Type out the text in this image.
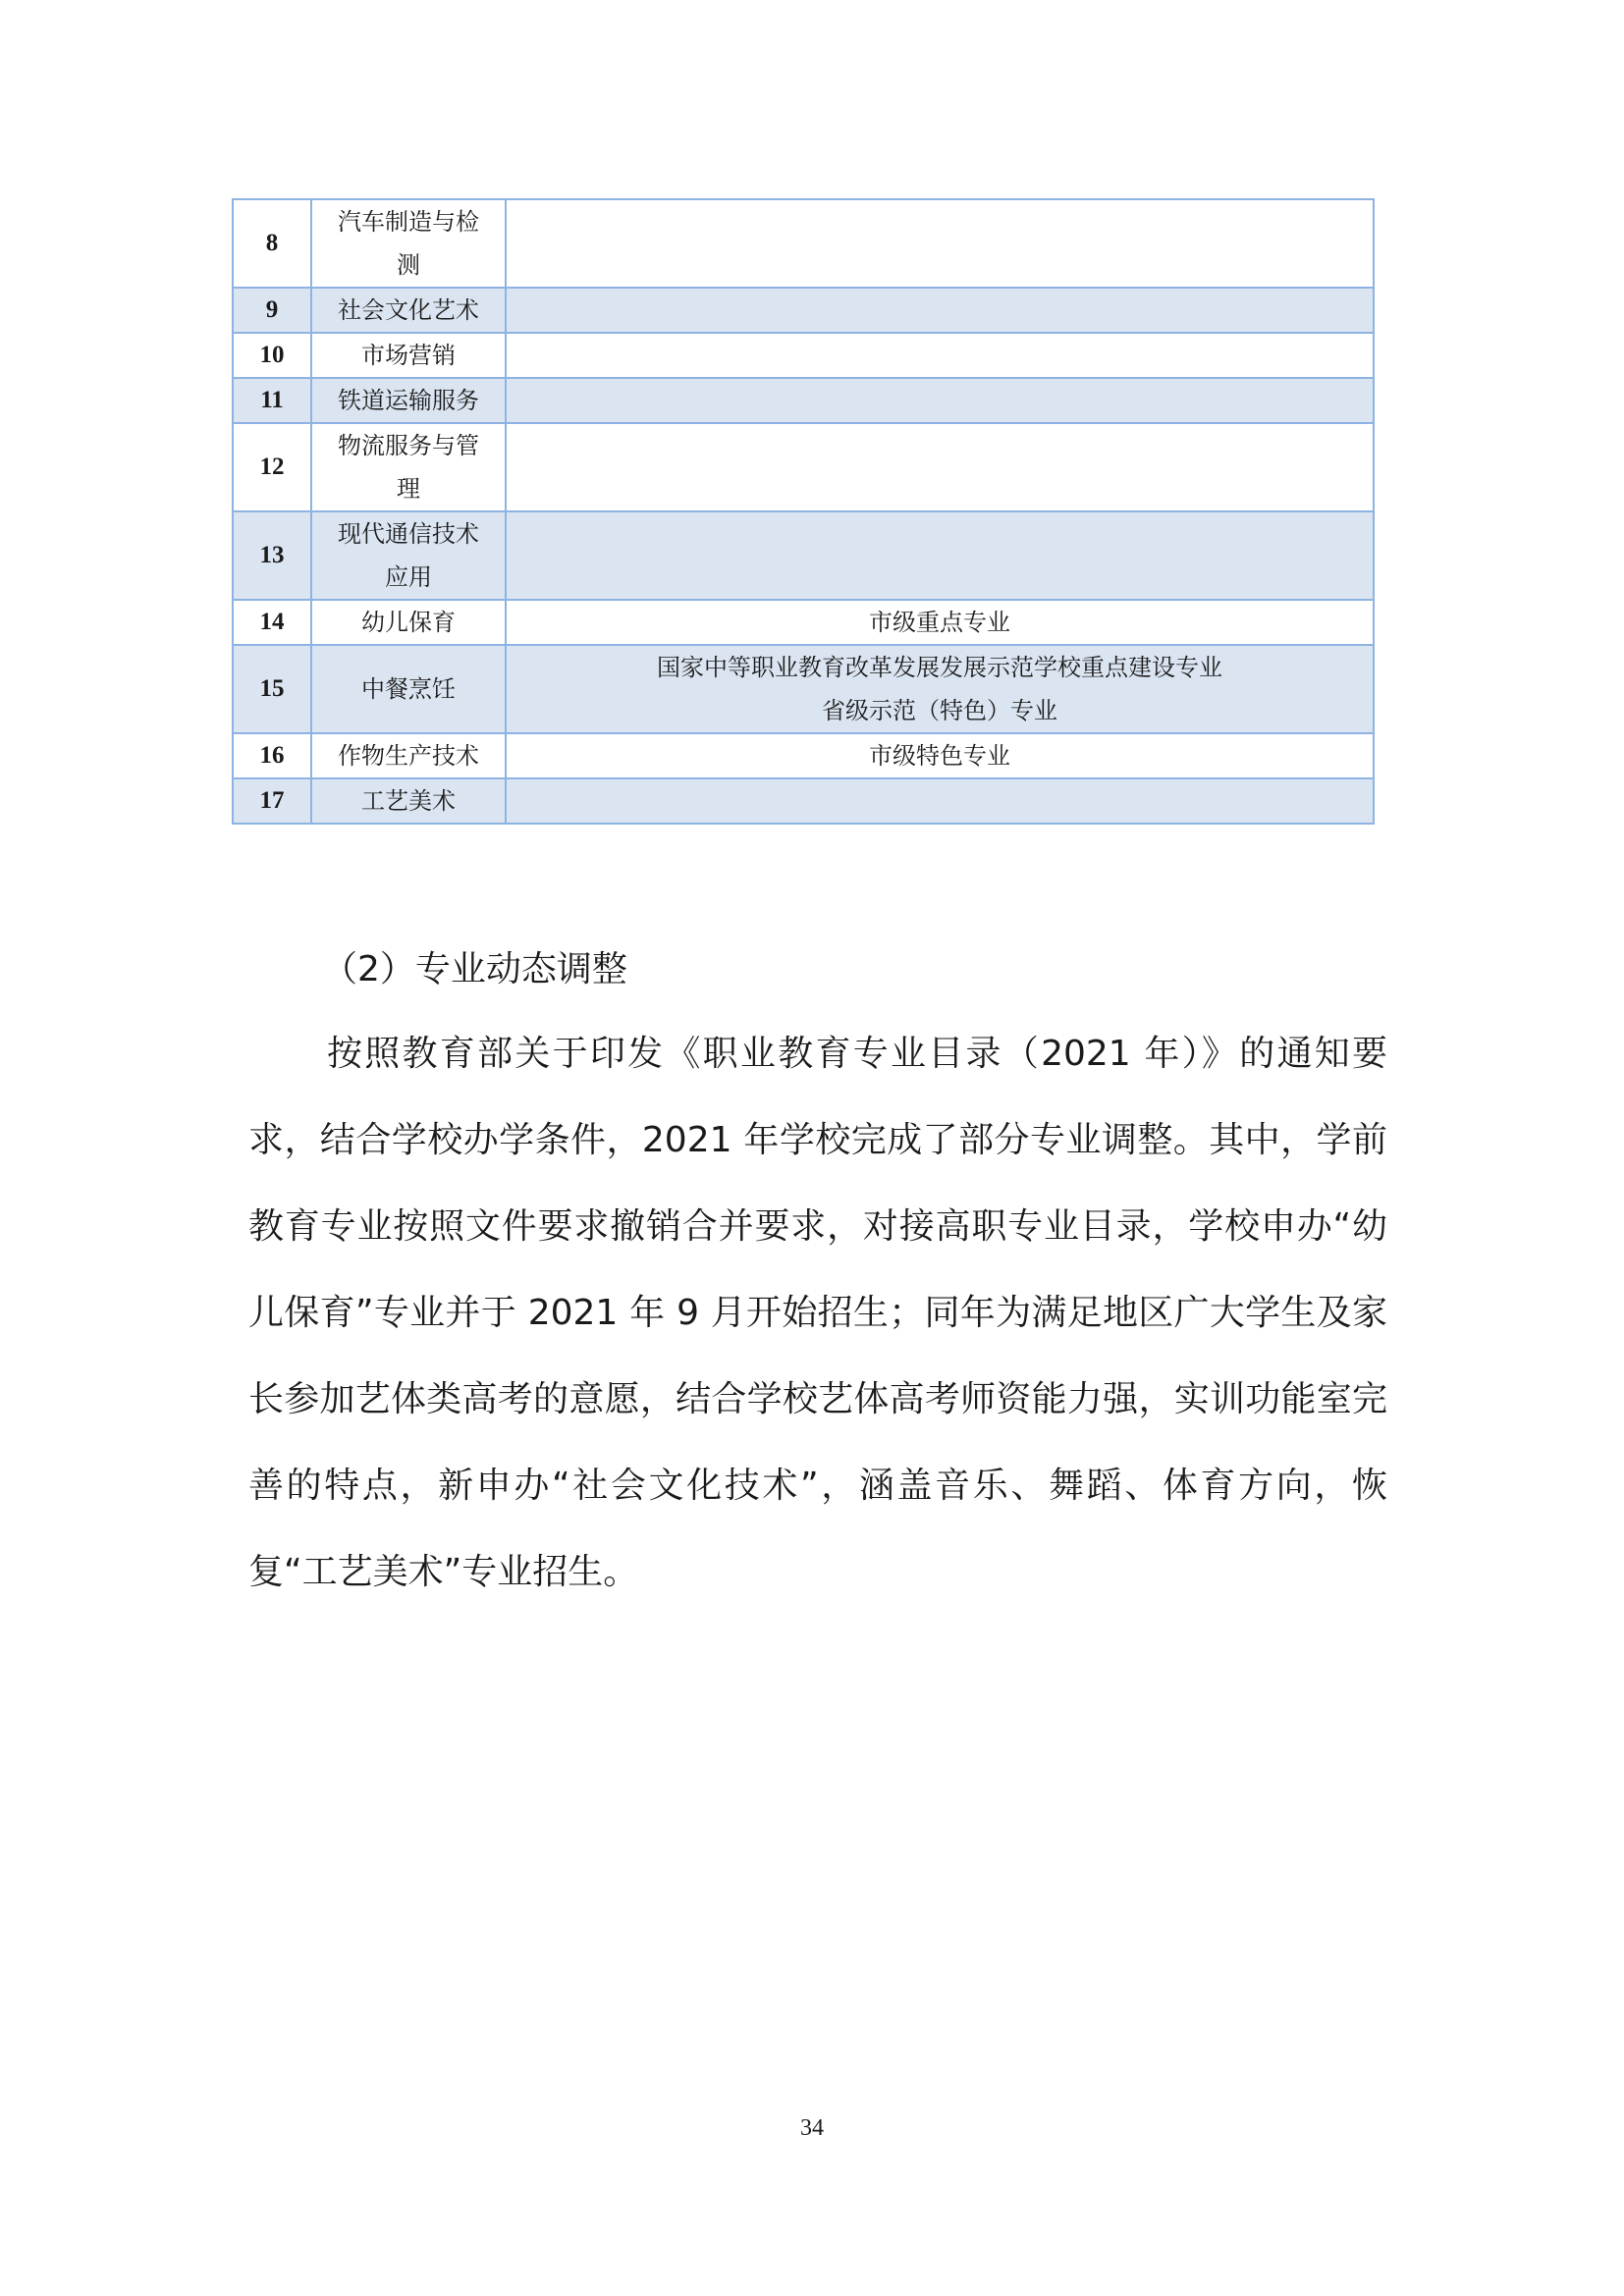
8	汽车制造与检
测	

9	社会文化艺术	

10	市场营销	

11	铁道运输服务	

12	物流服务与管
理	

13	现代通信技术
应用	

14	幼儿保育	市级重点专业

15	中餐烹饪	国家中等职业教育改革发展发展示范学校重点建设专业
省级示范（特色）专业

16	作物生产技术	市级特色专业

17	工艺美术	

（2）专业动态调整

按照教育部关于印发《职业教育专业目录（2021 年）》的通知要求，结合学校办学条件，2021 年学校完成了部分专业调整。其中，学前教育专业按照文件要求撤销合并要求，对接高职专业目录，学校申办“幼儿保育”专业并于 2021 年 9 月开始招生；同年为满足地区广大学生及家长参加艺体类高考的意愿，结合学校艺体高考师资能力强，实训功能室完善的特点，新申办“社会文化技术”，涵盖音乐、舞蹈、体育方向，恢复“工艺美术”专业招生。

34
